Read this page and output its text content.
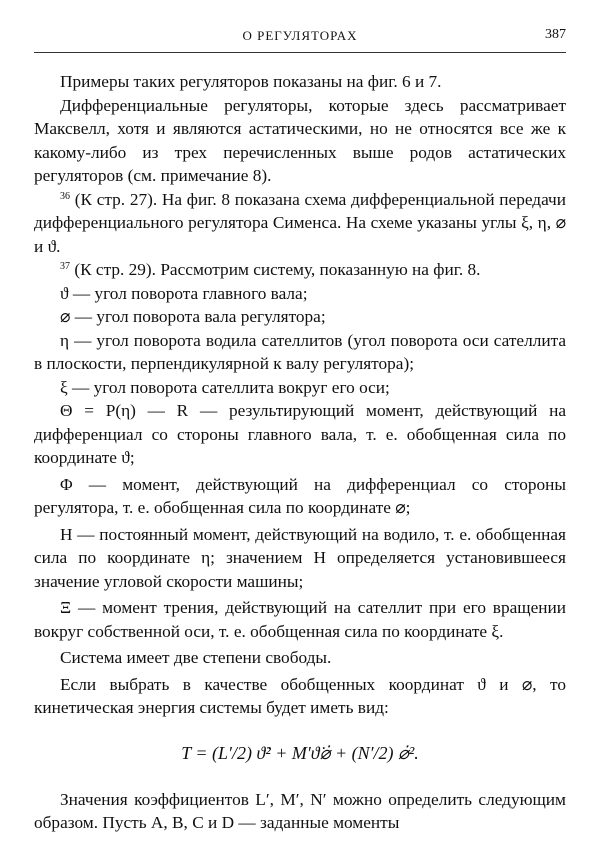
О РЕГУЛЯТОРАХ	387

Примеры таких регуляторов показаны на фиг. 6 и 7.

Дифференциальные регуляторы, которые здесь рассматривает Максвелл, хотя и являются астатическими, но не относятся все же к какому-либо из трех перечисленных выше родов астатических регуляторов (см. примечание 8).

$^{36}$ (К стр. 27). На фиг. 8 показана схема дифференциальной передачи дифференциального регулятора Сименса. На схеме указаны углы ξ, η, ⌀ и ϑ.

$^{37}$ (К стр. 29). Рассмотрим систему, показанную на фиг. 8.

ϑ — угол поворота главного вала;

⌀ — угол поворота вала регулятора;

η — угол поворота водила сателлитов (угол поворота оси сателлита в плоскости, перпендикулярной к валу регулятора);

ξ — угол поворота сателлита вокруг его оси;

Θ = P(η) — R — результирующий момент, действующий на дифференциал со стороны главного вала, т. е. обобщенная сила по координате ϑ;

Φ — момент, действующий на дифференциал со стороны регулятора, т. е. обобщенная сила по координате ⌀;

Н — постоянный момент, действующий на водило, т. е. обобщенная сила по координате η; значением Н определяется установившееся значение угловой скорости машины;

Ξ — момент трения, действующий на сателлит при его вращении вокруг собственной оси, т. е. обобщенная сила по координате ξ.

Система имеет две степени свободы.

Если выбрать в качестве обобщенных координат ϑ и ⌀, то кинетическая энергия системы будет иметь вид:

T = (L′/2) ϑ̇² + M′ϑ̇⌀̇ + (N′/2) ⌀̇².

Значения коэффициентов L′, M′, N′ можно определить следующим образом. Пусть A, B, C и D — заданные моменты
